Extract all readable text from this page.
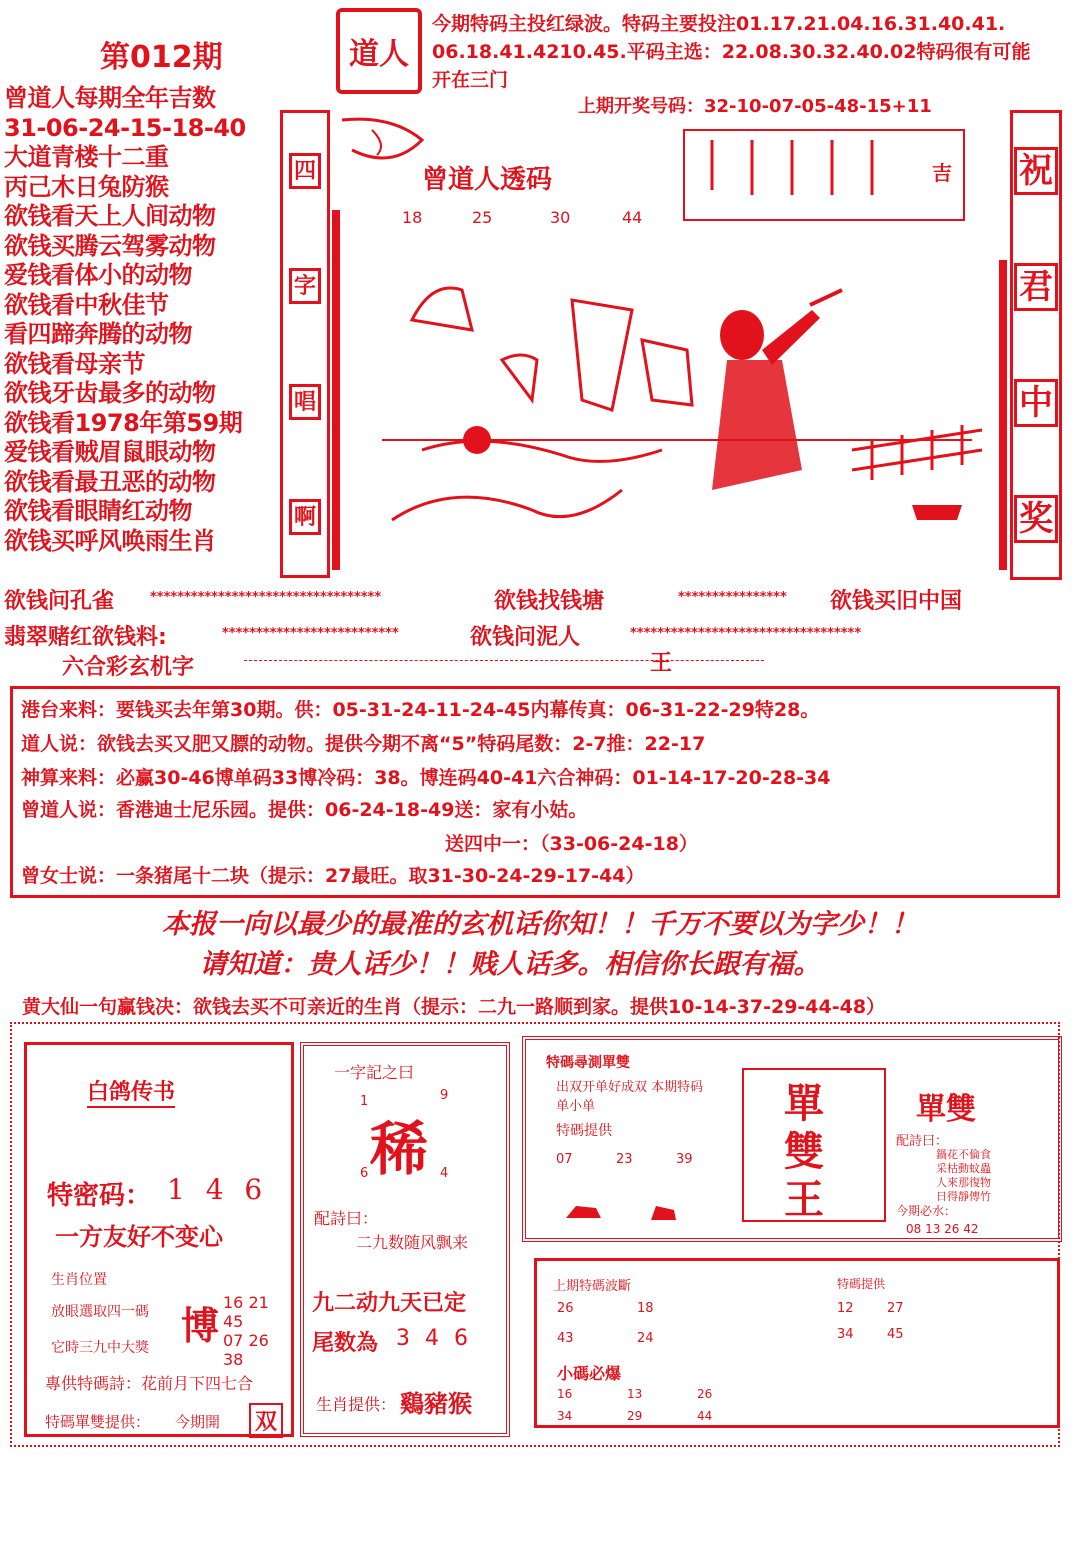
第012期	道人
今期特码主投红绿波。特码主要投注01.17.21.04.16.31.40.41.
06.18.41.4210.45.平码主选：22.08.30.32.40.02特码很有可能
开在三门
上期开奖号码：32-10-07-05-48-15+11
曾道人每期全年吉数
31-06-24-15-18-40
大道青楼十二重
丙己木日兔防猴
欲钱看天上人间动物
欲钱买腾云驾雾动物
爱钱看体小的动物
欲钱看中秋佳节
看四蹄奔腾的动物
欲钱看母亲节
欲钱牙齿最多的动物
欲钱看1978年第59期
爱钱看贼眉鼠眼动物
欲钱看最丑恶的动物
欲钱看眼睛红动物
欲钱买呼风唤雨生肖
四
字
唱
啊
曾道人透码
18	25	30	44
吉 祝
君
中
奖
欲钱问孔雀	**********************************	欲钱找钱塘	**************** 欲钱买旧中国
翡翠赌红欲钱料:	**************************	欲钱问泥人	**********************************
六合彩玄机字	王
港台来料：要钱买去年第30期。供：05-31-24-11-24-45内幕传真：06-31-22-29特28。
道人说：欲钱去买又肥又膘的动物。提供今期不离“5”特码尾数：2-7推：22-17
神算来料：必赢30-46博单码33博冷码：38。博连码40-41六合神码：01-14-17-20-28-34
曾道人说：香港迪士尼乐园。提供：06-24-18-49送：家有小姑。
送四中一：（33-06-24-18）
曾女士说：一条猪尾十二块（提示：27最旺。取31-30-24-29-17-44）
本报一向以最少的最准的玄机话你知！！千万不要以为字少！！
请知道：贵人话少！！贱人话多。相信你长跟有福。
黄大仙一句赢钱决：欲钱去买不可亲近的生肖（提示：二九一路顺到家。提供10-14-37-29-44-48）
白鸽传书
特密码： 1 4 6
一方友好不变心
生肖位置
放眼選取四一碼
它時三九中大獎 博
16 21 45
07 26 38
專供特碼詩：花前月下四七合
特碼單雙提供： 今期開 双
一字記之曰
稀
1	9
6	4
配詩曰：
二九数随风飘来
九二动九天已定
尾数為 3 4 6
生肖提供： 鷄豬猴
特碼尋測單雙
出双开单好成双 本期特码单小单
特碼提供
07	23	39
單
雙
王
單雙
配詩曰：
鍋花不倫食
采枯動蚊蟲
人來那復物
日得靜傳竹
今期必水：
08 13 26 42
上期特碼波斷
26	18
43	24
小碼必爆
16	13	26
34	29	44
特碼提供
12	27
34	45
